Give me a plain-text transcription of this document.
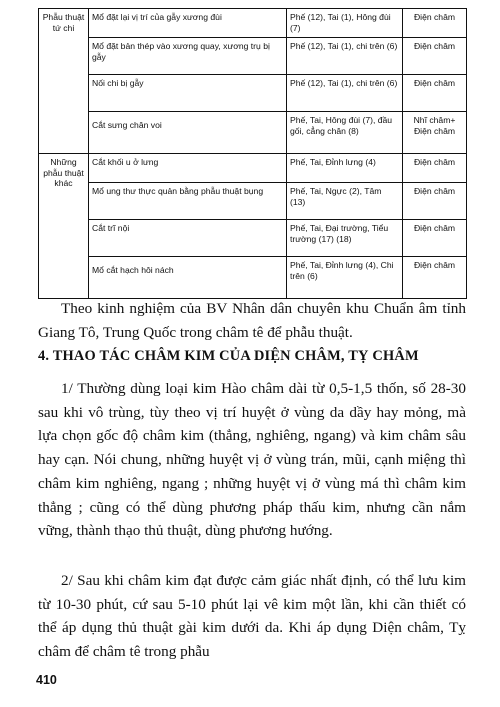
Phẫu thuật tứ chi	Mổ đặt lại vị trí của gẫy xương đùi	Phế (12), Tai (1), Hông đùi (7)	Điện châm
	Mổ đặt bản thép vào xương quay, xương trụ bị gẫy	Phế (12), Tai (1), chi trên (6)	Điện châm
	Nối chi bị gẫy	Phế (12), Tai (1), chi trên (6)	Điện châm
	Cắt sưng chân voi	Phế, Tai, Hông đùi (7), đầu gối, cẳng chân (8)	Nhĩ châm+ Điện châm
Những phẫu thuật khác	Cắt khối u ở lưng	Phế, Tai, Đỉnh lưng (4)	Điện châm
	Mổ ung thư thực quản bằng phẫu thuật bụng	Phế, Tai, Ngực (2), Tâm (13)	Điện châm
	Cắt trĩ nội	Phế, Tai, Đại trường, Tiểu trường (17) (18)	Điện châm
	Mổ cắt hạch hôi nách	Phế, Tai, Đỉnh lưng (4), Chi trên (6)	Điện châm
Theo kinh nghiệm của BV Nhân dân chuyên khu Chuẩn âm tỉnh Giang Tô, Trung Quốc trong châm tê để phẫu thuật.
4. THAO TÁC CHÂM KIM CỦA DIỆN CHÂM, TỴ CHÂM
1/ Thường dùng loại kim Hào châm dài từ 0,5-1,5 thốn, số 28-30 sau khi vô trùng, tùy theo vị trí huyệt ở vùng da dầy hay mỏng, mà lựa chọn gốc độ châm kim (thẳng, nghiêng, ngang) và kim châm sâu hay cạn. Nói chung, những huyệt vị ở vùng trán, mũi, cạnh miệng thì châm kim nghiêng, ngang ; những huyệt vị ở vùng má thì châm kim thẳng ; cũng có thể dùng phương pháp thấu kim, nhưng cần nắm vững, thành thạo thủ thuật, dùng phương hướng.
2/ Sau khi châm kim đạt được cảm giác nhất định, có thể lưu kim từ 10-30 phút, cứ sau 5-10 phút lại vê kim một lần, khi cần thiết có thể áp dụng thủ thuật gài kim dưới da. Khi áp dụng Diện châm, Tỵ châm để châm tê trong phẫu
410
